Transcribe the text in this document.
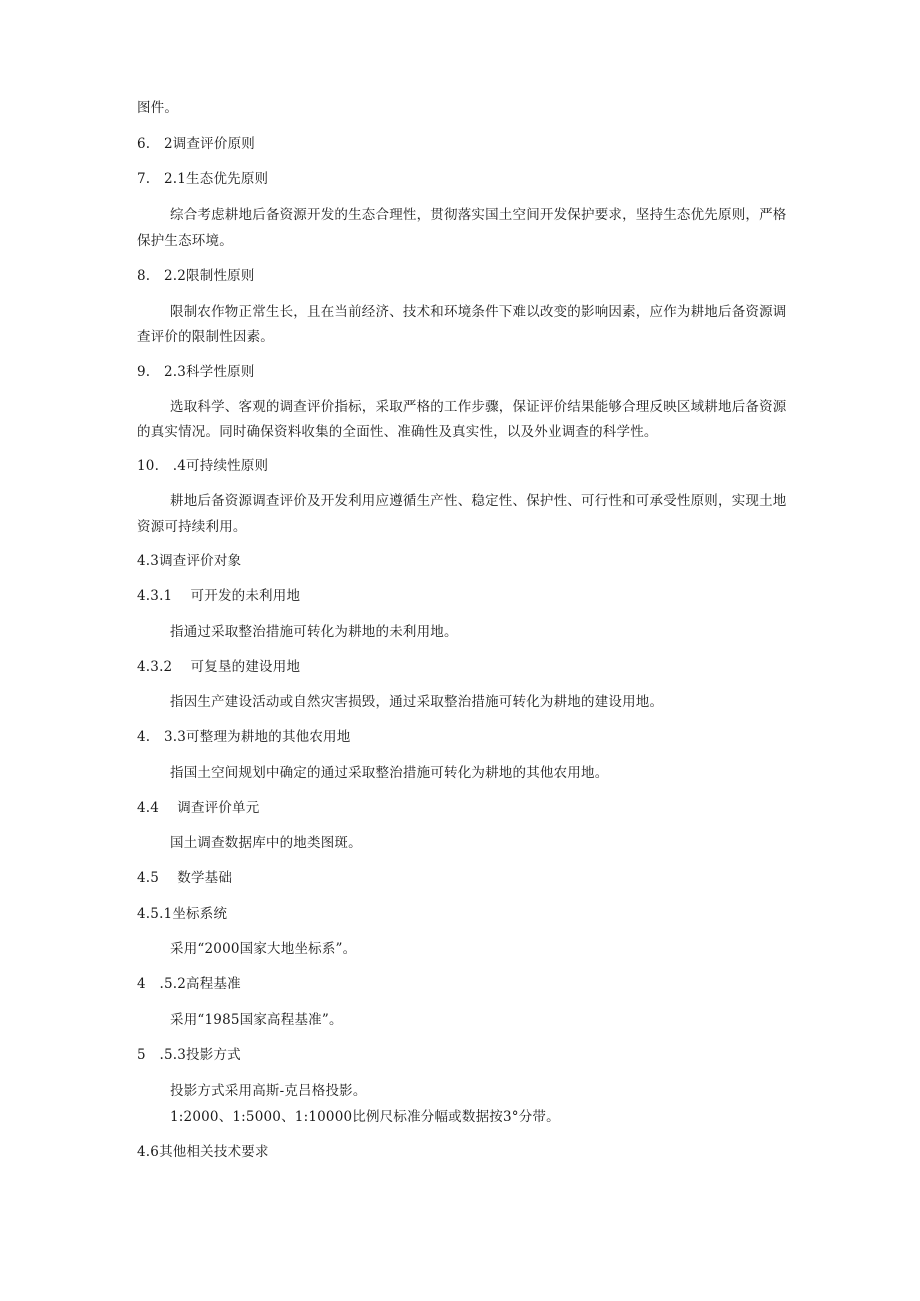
图件。
6.　2调查评价原则
7.　2.1生态优先原则
综合考虑耕地后备资源开发的生态合理性，贯彻落实国土空间开发保护要求，坚持生态优先原则，严格
保护生态环境。
8.　2.2限制性原则
限制农作物正常生长，且在当前经济、技术和环境条件下难以改变的影响因素，应作为耕地后备资源调
查评价的限制性因素。
9.　2.3科学性原则
选取科学、客观的调查评价指标，采取严格的工作步骤，保证评价结果能够合理反映区域耕地后备资源
的真实情况。同时确保资料收集的全面性、准确性及真实性，以及外业调查的科学性。
10.　.4可持续性原则
耕地后备资源调查评价及开发利用应遵循生产性、稳定性、保护性、可行性和可承受性原则，实现土地
资源可持续利用。
4.3调查评价对象
4.3.1　 可开发的未利用地
指通过采取整治措施可转化为耕地的未利用地。
4.3.2　 可复垦的建设用地
指因生产建设活动或自然灾害损毁，通过采取整治措施可转化为耕地的建设用地。
4.　3.3可整理为耕地的其他农用地
指国土空间规划中确定的通过采取整治措施可转化为耕地的其他农用地。
4.4　 调查评价单元
国土调查数据库中的地类图斑。
4.5　 数学基础
4.5.1坐标系统
采用“2000国家大地坐标系”。
4　.5.2高程基准
采用“1985国家高程基准”。
5　.5.3投影方式
投影方式采用高斯-克吕格投影。
1:2000、1:5000、1:10000比例尺标准分幅或数据按3°分带。
4.6其他相关技术要求
